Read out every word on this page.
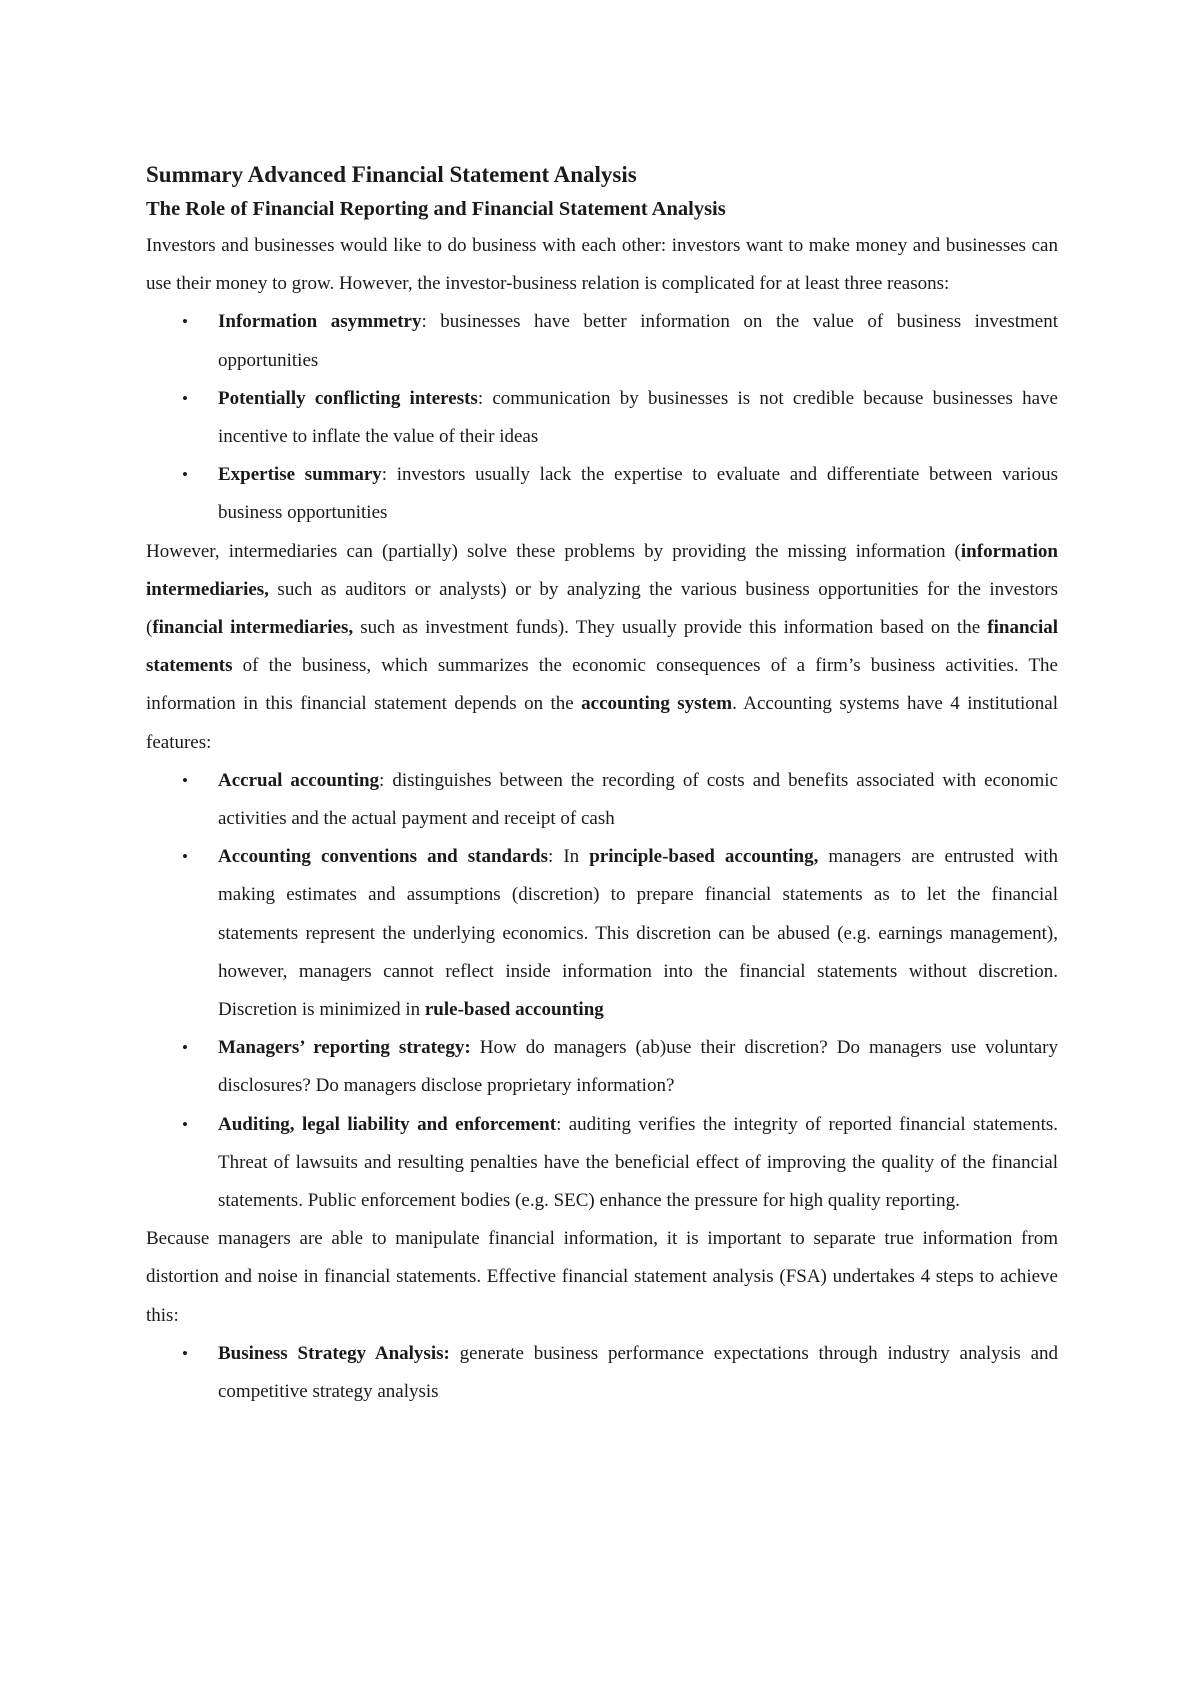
Summary Advanced Financial Statement Analysis
The Role of Financial Reporting and Financial Statement Analysis

Investors and businesses would like to do business with each other: investors want to make money and businesses can use their money to grow. However, the investor-business relation is complicated for at least three reasons:

• Information asymmetry: businesses have better information on the value of business investment opportunities
• Potentially conflicting interests: communication by businesses is not credible because businesses have incentive to inflate the value of their ideas
• Expertise summary: investors usually lack the expertise to evaluate and differentiate between various business opportunities

However, intermediaries can (partially) solve these problems by providing the missing information (information intermediaries, such as auditors or analysts) or by analyzing the various business opportunities for the investors (financial intermediaries, such as investment funds). They usually provide this information based on the financial statements of the business, which summarizes the economic consequences of a firm’s business activities. The information in this financial statement depends on the accounting system. Accounting systems have 4 institutional features:

• Accrual accounting: distinguishes between the recording of costs and benefits associated with economic activities and the actual payment and receipt of cash
• Accounting conventions and standards: In principle-based accounting, managers are entrusted with making estimates and assumptions (discretion) to prepare financial statements as to let the financial statements represent the underlying economics. This discretion can be abused (e.g. earnings management), however, managers cannot reflect inside information into the financial statements without discretion. Discretion is minimized in rule-based accounting
• Managers’ reporting strategy: How do managers (ab)use their discretion? Do managers use voluntary disclosures? Do managers disclose proprietary information?
• Auditing, legal liability and enforcement: auditing verifies the integrity of reported financial statements. Threat of lawsuits and resulting penalties have the beneficial effect of improving the quality of the financial statements. Public enforcement bodies (e.g. SEC) enhance the pressure for high quality reporting.

Because managers are able to manipulate financial information, it is important to separate true information from distortion and noise in financial statements. Effective financial statement analysis (FSA) undertakes 4 steps to achieve this:

• Business Strategy Analysis: generate business performance expectations through industry analysis and competitive strategy analysis
